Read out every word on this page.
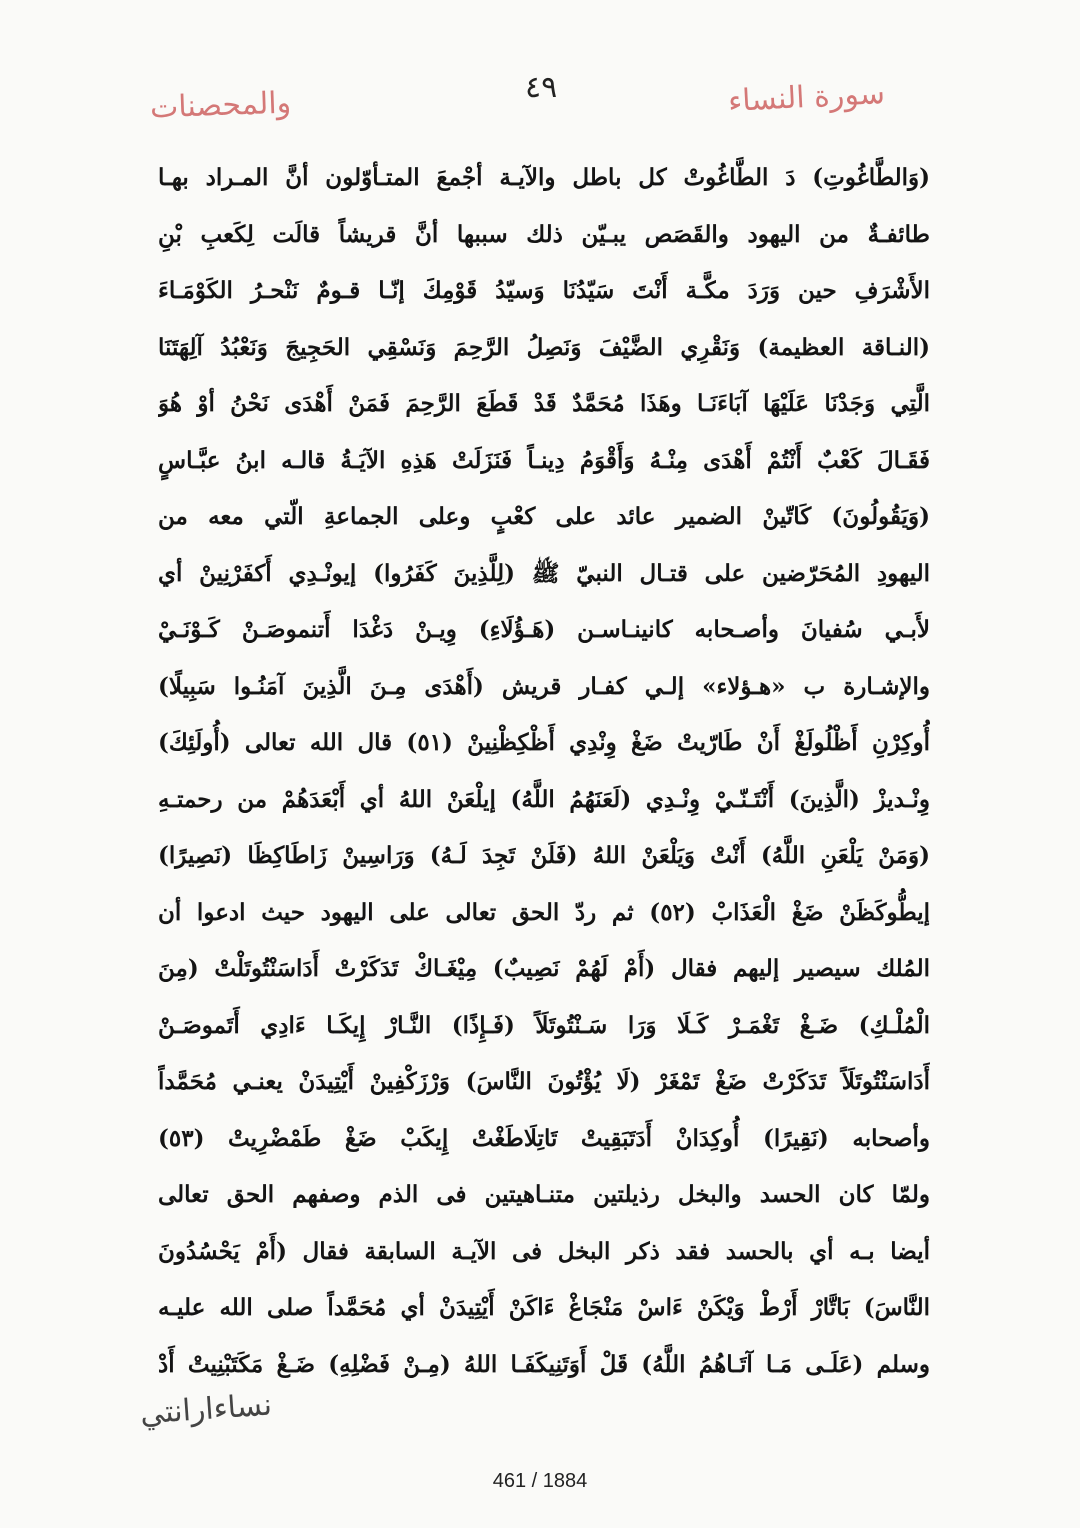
والمحصنات	٤٩	سورة النساء
(وَالطَّاغُوتِ) دَ الطَّاغُوتْ كل باطل والآيـة أجْمعَ المتـأوّلون أنَّ المـراد بهـا
طائفـةٌ من اليهود والقَصَص يبـيّن ذلك سببها أنَّ قريشاً قالَت لِكَعبِ بْنِ
الأَشْرَفِ حين وَرَدَ مكَّـة أَنْتَ سَيّدُنَا وَسيّدُ قَوْمِكَ إنّـا قـومٌ نَنْحـرُ الكَوْمَـاءَ
(النـاقة العظيمة) وَنَقْرِي الضَّيْفَ وَنَصِلُ الرَّحِمَ وَنَسْقِي الحَجِيجَ وَنَعْبُدُ آلِهَتَنَا
الَّتِي وَجَدْنَا عَلَيْهَا آبَاءَنَـا وهَذَا مُحَمَّدٌ قَدْ قَطَعَ الرَّحِمَ فَمَنْ أَهْدَى نَحْنُ أوْ هُوَ
فَقَـالَ كَعْبٌ أَنْتُمْ أَهْدَى مِنْـهُ وَأَقْوَمُ دِينـاً فَنَزَلَتْ هَذِهِ الآيَـةُ قالـه ابنُ عبَّـاسٍ
(وَيَقُولُونَ) كَاتّينْ الضمير عائد على كعْبٍ وعلى الجماعةِ الّتي معه من
اليهودِ المُحَرّضين على قتـال النبيّ ﷺ (لِلَّذِينَ كَفَرُوا) إيونْـدِي أَكفَرْنِينْ أي
لأَبـي سُفيانَ وأصـحابه كانينـاسـن (هَـؤُلَاءِ) وِيـنْ دَغْدَا أَتنموصَـنْ كَـوْنَـيْ
والإشـارة ب «هـؤلاء» إلـي كفـار قريش (أَهْدَى مِـنَ الَّذِينَ آمَنُـوا سَبِيلًا)
أُوكِرْنِ أَظْلُولَغْ أَنْ طَارّيتْ ضَغْ وِنْدِي أَظْكِظْنِينْ (٥١) قال الله تعالى (أُولَئِكَ)
وِنْـديزْ (الَّذِينَ) أَنْتَـنّـيْ وِنْـدِي (لَعَنَهُمُ اللَّهُ) إيلْعَنْ اللهُ أي أَبْعَدَهُمْ من رحمتـهِ
(وَمَنْ يَلْعَنِ اللَّهُ) أَنْتْ وَيَلْعَنْ اللهُ (فَلَنْ تَجِدَ لَـهُ) وَرَاسِينْ زَاطَاكِظَا (نَصِيرًا)
إيطُّوكَظَنْ ضَغْ الْعَذَابْ (٥٢) ثم ردّ الحق تعالى على اليهود حيث ادعوا أن
المُلك سيصير إليهم فقال (أَمْ لَهُمْ نَصِيبٌ) مِيْغَـاكْ تَدَكَرْتْ أَدَاسَنْتُوتَلْتْ (مِنَ
الْمُلْـكِ) ضَـغْ تَغْمَـرْ كَـلَا وَرَا سَـنْتُوتَلَاً (فَـإِذًا) النَّـارْ إِيكَـا ءَادِي أَتَموصَـنْ
أَدَاسَنْتُوتَلَاً تَدَكَرْتْ ضَغْ تَمْغَرْ (لَا يُؤْتُونَ النَّاسَ) وَرْزَكْفِينْ أَيْتِيدَنْ يعنـي مُحَمَّداً
وأصحابه (نَقِيرًا) أُوكِدَانْ أَدَتَبَقِيتْ تَاتِلَاطَغْتْ إِيكَبْ ضَغْ طَمْضْرِيتْ (٥٣)
ولمّا كان الحسد والبخل رذيلتين متنـاهيتين فى الذم وصفهم الحق تعالى
أيضا بـه أي بالحسد فقد ذكر البخل فى الآيـة السابقة فقال (أَمْ يَحْسُدُونَ
النَّاسَ) بَاتَّارْ أَرْطْ وَيْكَنْ ءَاسْ مَنْجَاغْ ءَاكَنْ أَيْتِيدَنْ أي مُحَمَّداً صلى الله عليـه
وسلم (عَلَـى مَـا آتَـاهُمُ اللَّهُ) قَلْ أَوَتَنِيكَفَـا اللهُ (مِـنْ فَضْلِهِ) ضَـغْ مَكَتَبْنِيتْ أَدْ
نساءارانتي
461 / 1884
